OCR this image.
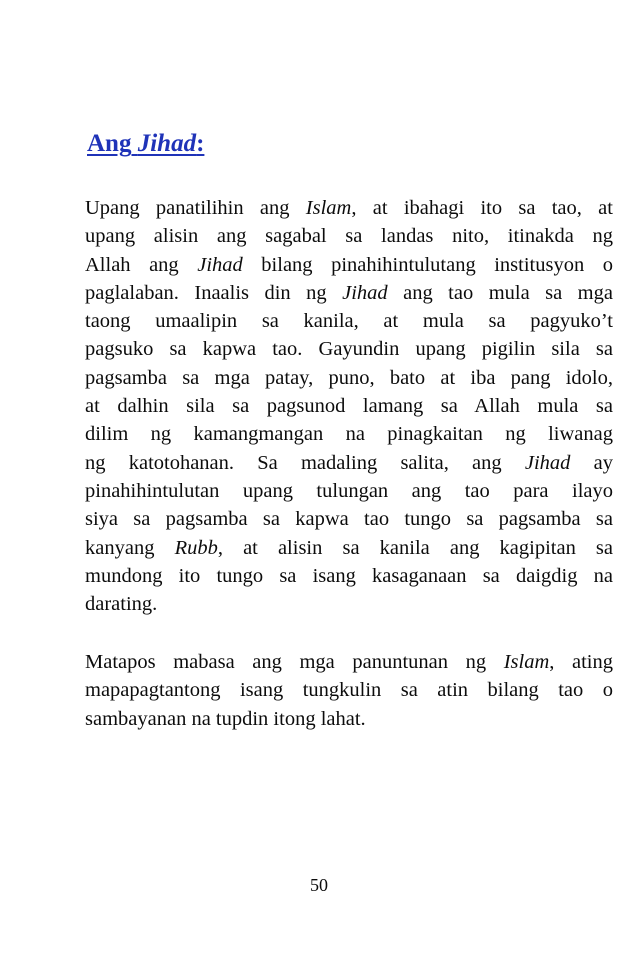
Ang Jihad:
Upang panatilihin ang Islam, at ibahagi ito sa tao, at
upang alisin ang sagabal sa landas nito, itinakda ng
Allah ang Jihad bilang pinahihintulutang institusyon o
paglalaban. Inaalis din ng Jihad ang tao mula sa mga
taong umaalipin sa kanila, at mula sa pagyuko’t
pagsuko sa kapwa tao. Gayundin upang pigilin sila sa
pagsamba sa mga patay, puno, bato at iba pang idolo,
at dalhin sila sa pagsunod lamang sa Allah mula sa
dilim ng kamangmangan na pinagkaitan ng liwanag
ng katotohanan. Sa madaling salita, ang Jihad ay
pinahihintulutan upang tulungan ang tao para ilayo
siya sa pagsamba sa kapwa tao tungo sa pagsamba sa
kanyang Rubb, at alisin sa kanila ang kagipitan sa
mundong ito tungo sa isang kasaganaan sa daigdig na
darating.
Matapos mabasa ang mga panuntunan ng Islam, ating
mapapagtantong isang tungkulin sa atin bilang tao o
sambayanan na tupdin itong lahat.
50
